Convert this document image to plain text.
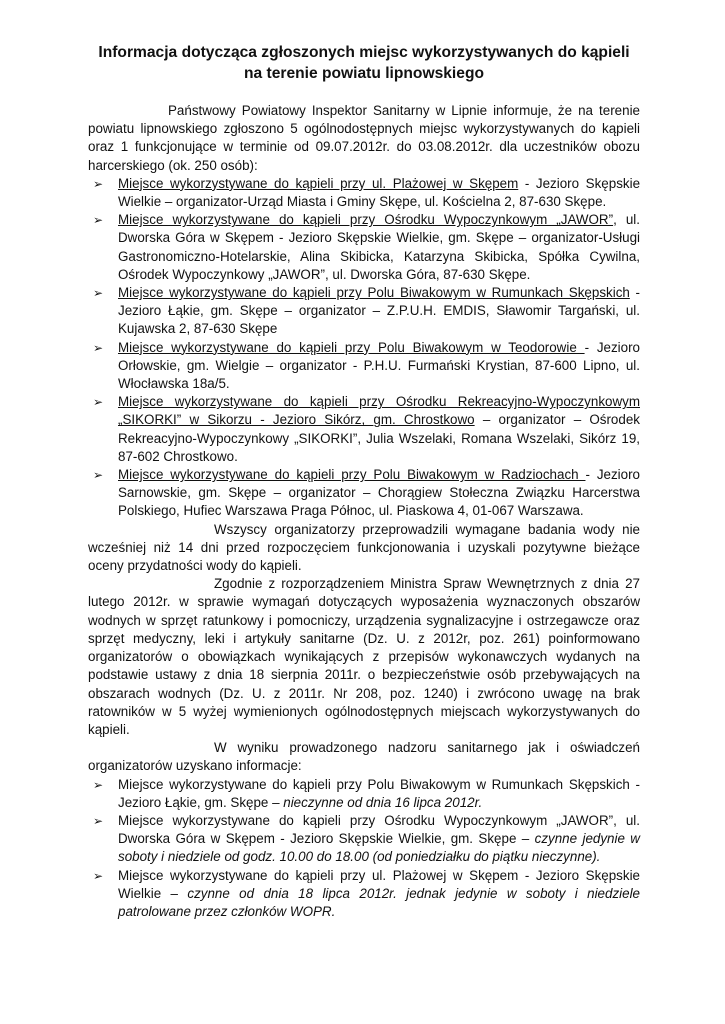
Informacja dotycząca zgłoszonych miejsc wykorzystywanych do kąpieli
na terenie powiatu lipnowskiego

Państwowy Powiatowy Inspektor Sanitarny w Lipnie informuje, że na terenie powiatu lipnowskiego zgłoszono 5 ogólnodostępnych miejsc wykorzystywanych do kąpieli oraz 1 funkcjonujące w terminie od 09.07.2012r. do 03.08.2012r. dla uczestników obozu harcerskiego (ok. 250 osób):

➢	Miejsce wykorzystywane do kąpieli przy ul. Plażowej w Skępem - Jezioro Skępskie Wielkie – organizator-Urząd Miasta i Gminy Skępe, ul. Kościelna 2, 87-630 Skępe.
➢	Miejsce wykorzystywane do kąpieli przy Ośrodku Wypoczynkowym „JAWOR”, ul. Dworska Góra w Skępem - Jezioro Skępskie Wielkie, gm. Skępe – organizator-Usługi Gastronomiczno-Hotelarskie, Alina Skibicka, Katarzyna Skibicka, Spółka Cywilna, Ośrodek Wypoczynkowy „JAWOR”, ul. Dworska Góra, 87-630 Skępe.
➢	Miejsce wykorzystywane do kąpieli przy Polu Biwakowym w Rumunkach Skępskich - Jezioro Łąkie, gm. Skępe – organizator – Z.P.U.H. EMDIS, Sławomir Targański, ul. Kujawska 2, 87-630 Skępe
➢	Miejsce wykorzystywane do kąpieli przy Polu Biwakowym w Teodorowie - Jezioro Orłowskie, gm. Wielgie – organizator - P.H.U. Furmański Krystian, 87-600 Lipno, ul. Włocławska 18a/5.
➢	Miejsce wykorzystywane do kąpieli przy Ośrodku Rekreacyjno-Wypoczynkowym „SIKORKI” w Sikorzu - Jezioro Sikórz, gm. Chrostkowo – organizator – Ośrodek Rekreacyjno-Wypoczynkowy „SIKORKI”, Julia Wszelaki, Romana Wszelaki, Sikórz 19, 87-602 Chrostkowo.
➢	Miejsce wykorzystywane do kąpieli przy Polu Biwakowym w Radziochach - Jezioro Sarnowskie, gm. Skępe – organizator – Chorągiew Stołeczna Związku Harcerstwa Polskiego, Hufiec Warszawa Praga Północ, ul. Piaskowa 4, 01-067 Warszawa.

Wszyscy organizatorzy przeprowadzili wymagane badania wody nie wcześniej niż 14 dni przed rozpoczęciem funkcjonowania i uzyskali pozytywne bieżące oceny przydatności wody do kąpieli.

Zgodnie z rozporządzeniem Ministra Spraw Wewnętrznych z dnia 27 lutego 2012r. w sprawie wymagań dotyczących wyposażenia wyznaczonych obszarów wodnych w sprzęt ratunkowy i pomocniczy, urządzenia sygnalizacyjne i ostrzegawcze oraz sprzęt medyczny, leki i artykuły sanitarne (Dz. U. z 2012r, poz. 261) poinformowano organizatorów o obowiązkach wynikających z przepisów wykonawczych wydanych na podstawie ustawy z dnia 18 sierpnia 2011r. o bezpieczeństwie osób przebywających na obszarach wodnych (Dz. U. z 2011r. Nr 208, poz. 1240) i zwrócono uwagę na brak ratowników w 5 wyżej wymienionych ogólnodostępnych miejscach wykorzystywanych do kąpieli.

W wyniku prowadzonego nadzoru sanitarnego jak i oświadczeń organizatorów uzyskano informacje:

➢	Miejsce wykorzystywane do kąpieli przy Polu Biwakowym w Rumunkach Skępskich - Jezioro Łąkie, gm. Skępe – nieczynne od dnia 16 lipca 2012r.
➢	Miejsce wykorzystywane do kąpieli przy Ośrodku Wypoczynkowym „JAWOR”, ul. Dworska Góra w Skępem - Jezioro Skępskie Wielkie, gm. Skępe – czynne jedynie w soboty i niedziele od godz. 10.00 do 18.00 (od poniedziałku do piątku nieczynne).
➢	Miejsce wykorzystywane do kąpieli przy ul. Plażowej w Skępem - Jezioro Skępskie Wielkie – czynne od dnia 18 lipca 2012r. jednak jedynie w soboty i niedziele patrolowane przez członków WOPR.
